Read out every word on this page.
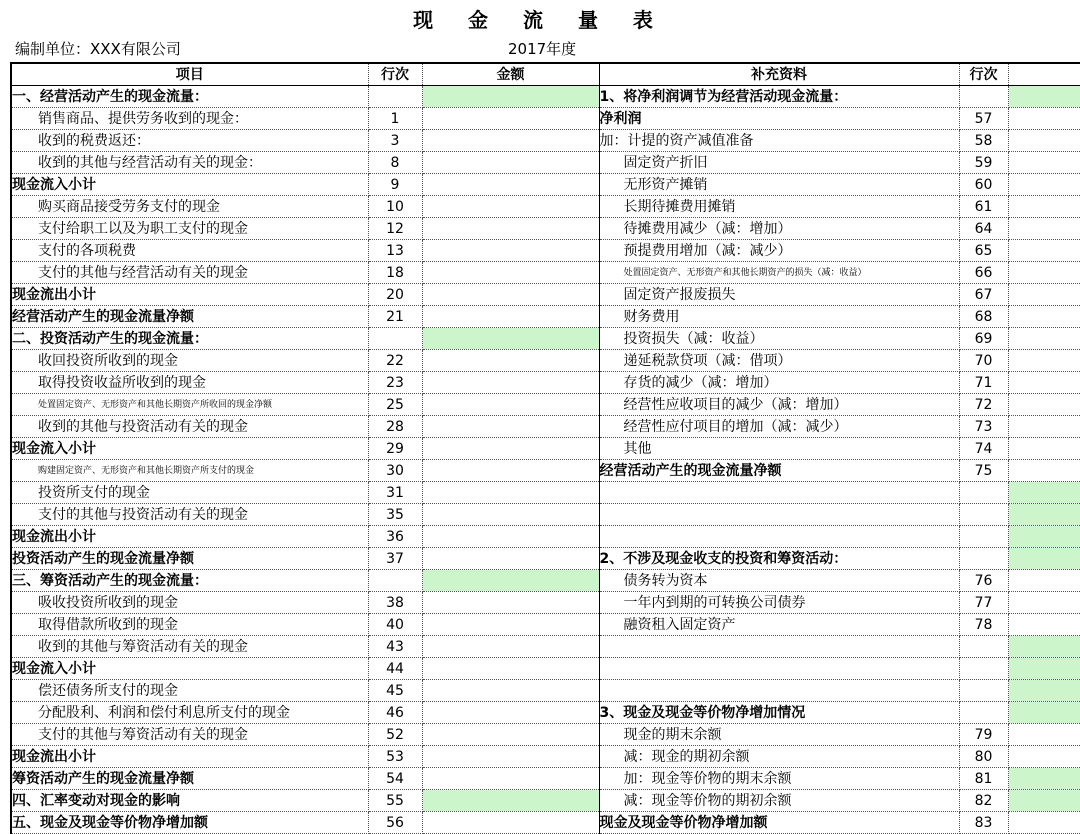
现 金 流 量 表
编制单位：XXX有限公司	2017年度
项目	行次	金额	补充资料	行次	
一、经营活动产生的现金流量：			1、将净利润调节为经营活动现金流量：		
销售商品、提供劳务收到的现金：	1		净利润	57	
收到的税费返还：	3		加：计提的资产减值准备	58	
收到的其他与经营活动有关的现金：	8		固定资产折旧	59	
现金流入小计	9		无形资产摊销	60	
购买商品接受劳务支付的现金	10		长期待摊费用摊销	61	
支付给职工以及为职工支付的现金	12		待摊费用减少（减：增加）	64	
支付的各项税费	13		预提费用增加（减：减少）	65	
支付的其他与经营活动有关的现金	18		处置固定资产、无形资产和其他长期资产的损失（减：收益）	66	
现金流出小计	20		固定资产报废损失	67	
经营活动产生的现金流量净额	21		财务费用	68	
二、投资活动产生的现金流量：			投资损失（减：收益）	69	
收回投资所收到的现金	22		递延税款贷项（减：借项）	70	
取得投资收益所收到的现金	23		存货的减少（减：增加）	71	
处置固定资产、无形资产和其他长期资产所收回的现金净额	25		经营性应收项目的减少（减：增加）	72	
收到的其他与投资活动有关的现金	28		经营性应付项目的增加（减：减少）	73	
现金流入小计	29		其他	74	
购建固定资产、无形资产和其他长期资产所支付的现金	30		经营活动产生的现金流量净额	75	
投资所支付的现金	31				
支付的其他与投资活动有关的现金	35				
现金流出小计	36				
投资活动产生的现金流量净额	37		2、不涉及现金收支的投资和筹资活动：		
三、筹资活动产生的现金流量：			债务转为资本	76	
吸收投资所收到的现金	38		一年内到期的可转换公司债券	77	
取得借款所收到的现金	40		融资租入固定资产	78	
收到的其他与筹资活动有关的现金	43				
现金流入小计	44				
偿还债务所支付的现金	45				
分配股利、利润和偿付利息所支付的现金	46		3、现金及现金等价物净增加情况		
支付的其他与筹资活动有关的现金	52		现金的期末余额	79	
现金流出小计	53		减：现金的期初余额	80	
筹资活动产生的现金流量净额	54		加：现金等价物的期末余额	81	
四、汇率变动对现金的影响	55		减：现金等价物的期初余额	82	
五、现金及现金等价物净增加额	56		现金及现金等价物净增加额	83	
